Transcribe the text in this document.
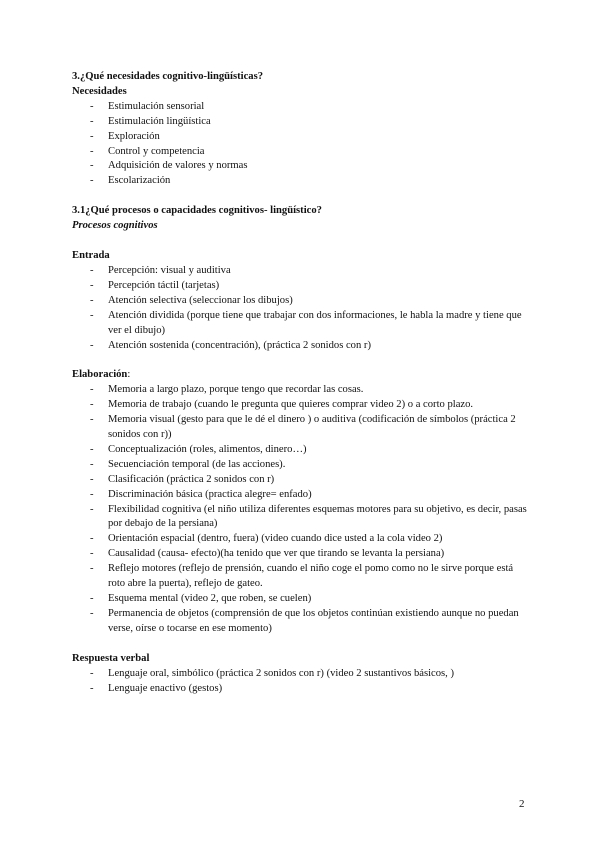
3.¿Qué necesidades cognitivo-lingüísticas?
Necesidades
- Estimulación sensorial
- Estimulación lingüística
- Exploración
- Control y competencia
- Adquisición de valores y normas
- Escolarización
3.1¿Qué procesos o capacidades cognitivos- lingüístico?
Procesos cognitivos
Entrada
- Percepción: visual y auditiva
- Percepción táctil (tarjetas)
- Atención selectiva (seleccionar los dibujos)
- Atención dividida (porque tiene que trabajar con dos informaciones, le habla la madre y tiene que ver el dibujo)
- Atención sostenida (concentración), (práctica 2 sonidos con r)
Elaboración:
- Memoria a largo plazo, porque tengo que recordar las cosas.
- Memoria de trabajo (cuando le pregunta que quieres comprar video 2) o a corto plazo.
- Memoria visual (gesto para que le dé el dinero ) o auditiva (codificación de símbolos (práctica 2 sonidos con r))
- Conceptualización (roles, alimentos, dinero…)
- Secuenciación temporal (de las acciones).
- Clasificación (práctica 2 sonidos con r)
- Discriminación básica (practica alegre= enfado)
- Flexibilidad cognitiva (el niño utiliza diferentes esquemas motores para su objetivo, es decir, pasas por debajo de la persiana)
- Orientación espacial (dentro, fuera) (video cuando dice usted a la cola video 2)
- Causalidad (causa- efecto)(ha tenido que ver que tirando se levanta la persiana)
- Reflejo motores (reflejo de prensión, cuando el niño coge el pomo como no le sirve porque está roto abre la puerta), reflejo de gateo.
- Esquema mental (video 2, que roben, se cuelen)
- Permanencia de objetos (comprensión de que los objetos continúan existiendo aunque no puedan verse, oírse o tocarse en ese momento)
Respuesta verbal
- Lenguaje oral, simbólico (práctica 2 sonidos con r) (video 2 sustantivos básicos, )
- Lenguaje enactivo (gestos)
2
